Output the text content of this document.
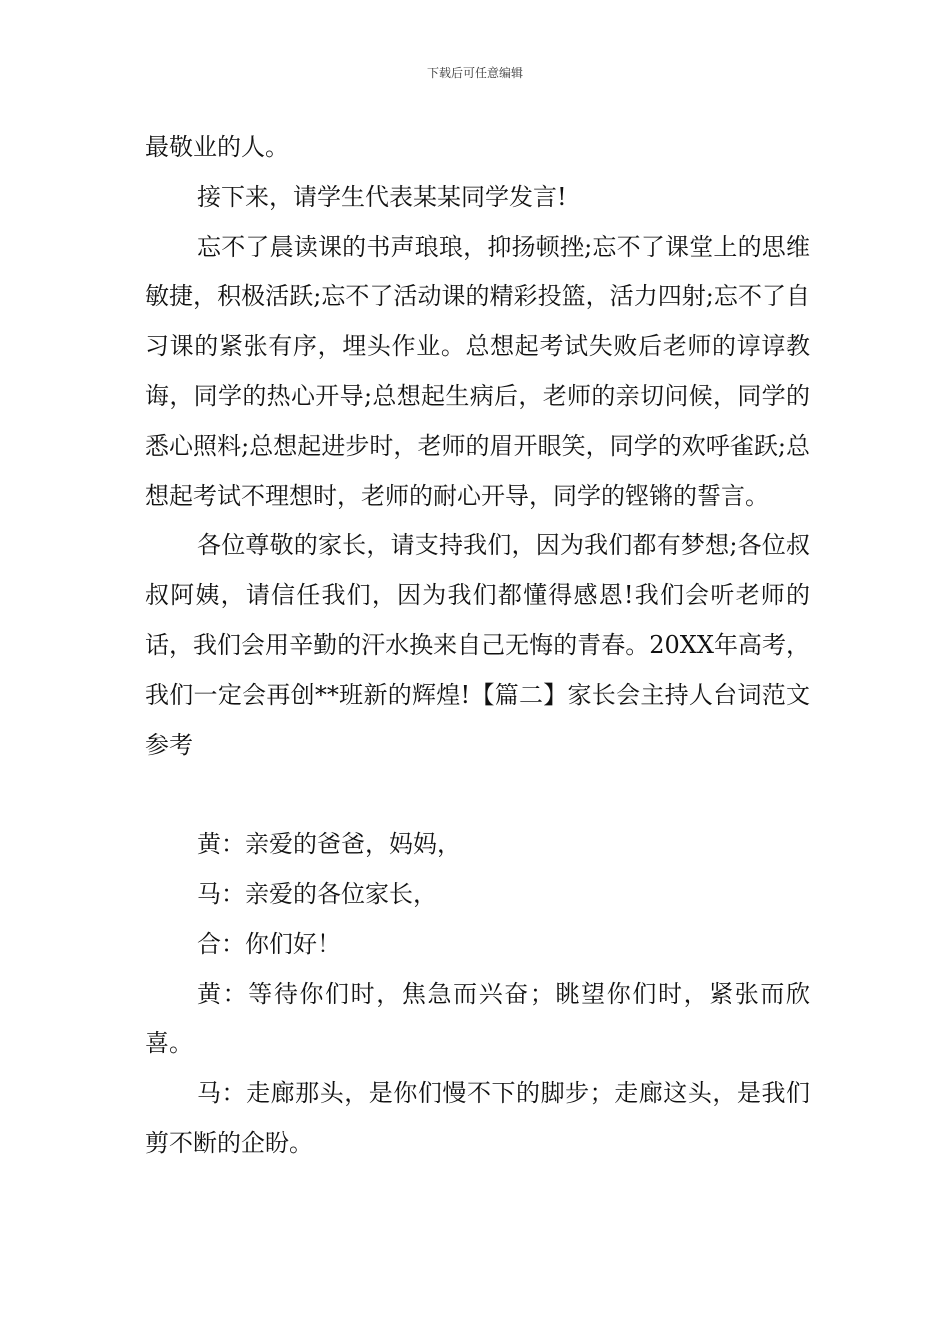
下载后可任意编辑

最敬业的人。

接下来，请学生代表某某同学发言!

忘不了晨读课的书声琅琅，抑扬顿挫;忘不了课堂上的思维敏捷，积极活跃;忘不了活动课的精彩投篮，活力四射;忘不了自习课的紧张有序，埋头作业。总想起考试失败后老师的谆谆教诲，同学的热心开导;总想起生病后，老师的亲切问候，同学的悉心照料;总想起进步时，老师的眉开眼笑，同学的欢呼雀跃;总想起考试不理想时，老师的耐心开导，同学的铿锵的誓言。

各位尊敬的家长，请支持我们，因为我们都有梦想;各位叔叔阿姨，请信任我们，因为我们都懂得感恩!我们会听老师的话，我们会用辛勤的汗水换来自己无悔的青春。20XX年高考，我们一定会再创**班新的辉煌!【篇二】家长会主持人台词范文参考

黄：亲爱的爸爸，妈妈，

马：亲爱的各位家长，

合：你们好！

黄：等待你们时，焦急而兴奋；眺望你们时，紧张而欣喜。

马：走廊那头，是你们慢不下的脚步；走廊这头，是我们剪不断的企盼。
